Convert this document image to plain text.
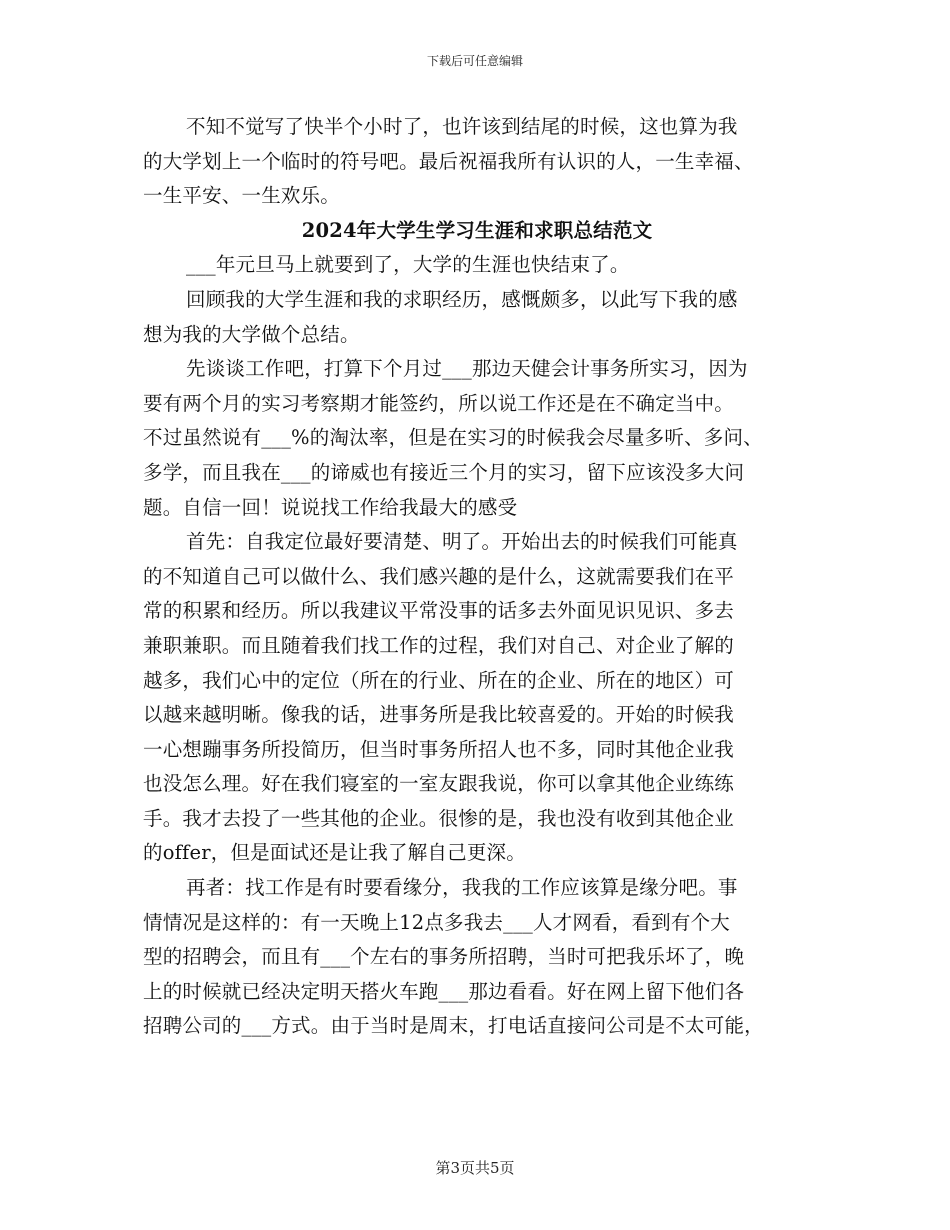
下载后可任意编辑
不知不觉写了快半个小时了，也许该到结尾的时候，这也算为我
的大学划上一个临时的符号吧。最后祝福我所有认识的人，一生幸福、
一生平安、一生欢乐。
2024年大学生学习生涯和求职总结范文
___年元旦马上就要到了，大学的生涯也快结束了。
回顾我的大学生涯和我的求职经历，感慨颇多，以此写下我的感
想为我的大学做个总结。
先谈谈工作吧，打算下个月过___那边天健会计事务所实习，因为
要有两个月的实习考察期才能签约，所以说工作还是在不确定当中。
不过虽然说有___%的淘汰率，但是在实习的时候我会尽量多听、多问、
多学，而且我在___的谛威也有接近三个月的实习，留下应该没多大问
题。自信一回！说说找工作给我最大的感受
首先：自我定位最好要清楚、明了。开始出去的时候我们可能真
的不知道自己可以做什么、我们感兴趣的是什么，这就需要我们在平
常的积累和经历。所以我建议平常没事的话多去外面见识见识、多去
兼职兼职。而且随着我们找工作的过程，我们对自己、对企业了解的
越多，我们心中的定位（所在的行业、所在的企业、所在的地区）可
以越来越明晰。像我的话，进事务所是我比较喜爱的。开始的时候我
一心想蹦事务所投简历，但当时事务所招人也不多，同时其他企业我
也没怎么理。好在我们寝室的一室友跟我说，你可以拿其他企业练练
手。我才去投了一些其他的企业。很惨的是，我也没有收到其他企业
的offer，但是面试还是让我了解自己更深。
再者：找工作是有时要看缘分，我我的工作应该算是缘分吧。事
情情况是这样的：有一天晚上12点多我去___人才网看，看到有个大
型的招聘会，而且有___个左右的事务所招聘，当时可把我乐坏了，晚
上的时候就已经决定明天搭火车跑___那边看看。好在网上留下他们各
招聘公司的___方式。由于当时是周末，打电话直接问公司是不太可能，
第3页共5页
